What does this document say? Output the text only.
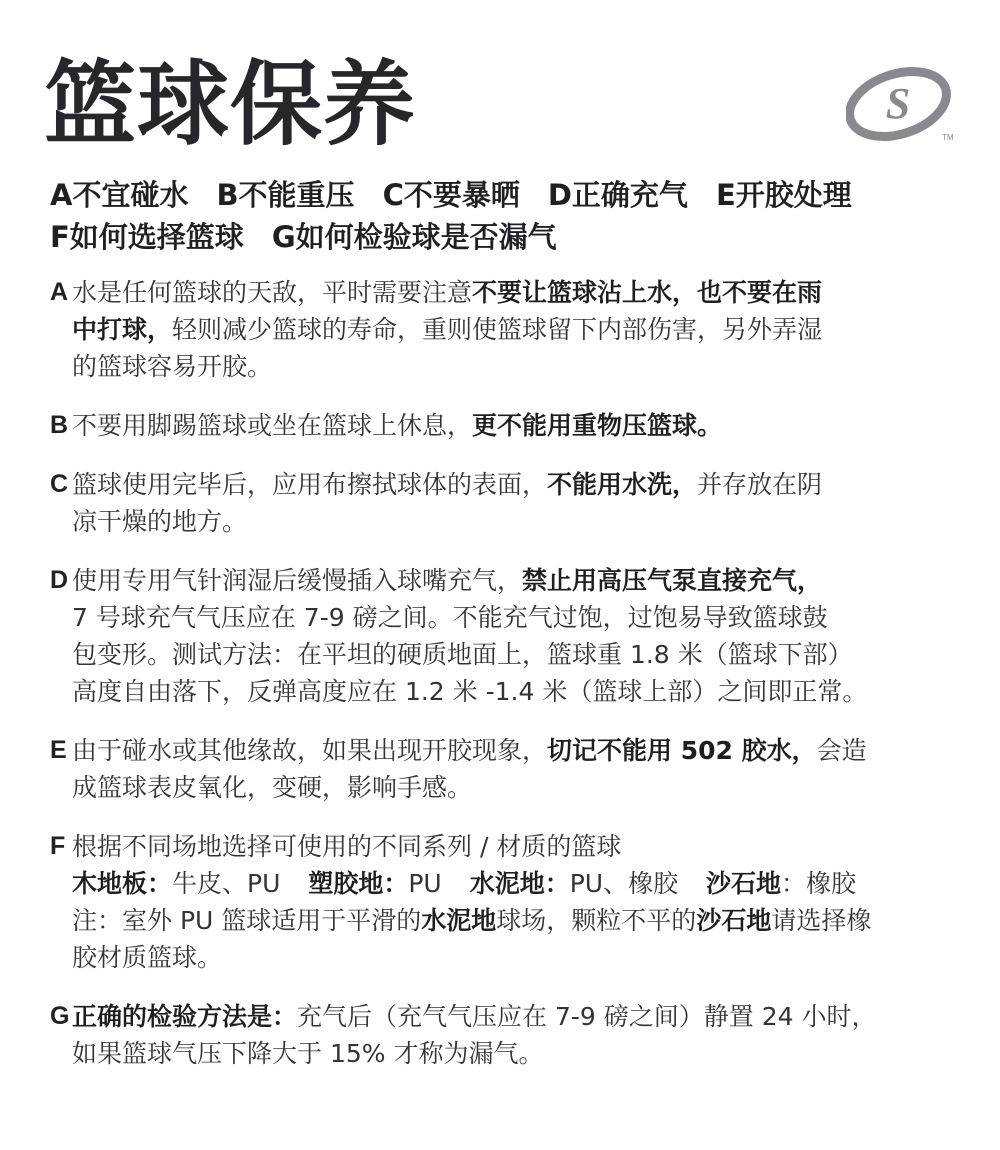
篮球保养	S
TM
A不宜碰水 B不能重压 C不要暴晒 D正确充气 E开胶处理
F如何选择篮球 G如何检验球是否漏气
A 水是任何篮球的天敌，平时需要注意不要让篮球沾上水，也不要在雨
中打球，轻则减少篮球的寿命，重则使篮球留下内部伤害，另外弄湿
的篮球容易开胶。
B 不要用脚踢篮球或坐在篮球上休息，更不能用重物压篮球。
C 篮球使用完毕后，应用布擦拭球体的表面，不能用水洗，并存放在阴
凉干燥的地方。
D 使用专用气针润湿后缓慢插入球嘴充气，禁止用高压气泵直接充气，
7 号球充气气压应在 7-9 磅之间。不能充气过饱，过饱易导致篮球鼓
包变形。测试方法：在平坦的硬质地面上，篮球重 1.8 米（篮球下部）
高度自由落下，反弹高度应在 1.2 米 -1.4 米（篮球上部）之间即正常。
E 由于碰水或其他缘故，如果出现开胶现象，切记不能用 502 胶水，会造
成篮球表皮氧化，变硬，影响手感。
F 根据不同场地选择可使用的不同系列 / 材质的篮球
木地板：牛皮、PU 塑胶地：PU 水泥地：PU、橡胶 沙石地：橡胶
注：室外 PU 篮球适用于平滑的水泥地球场，颗粒不平的沙石地请选择橡
胶材质篮球。
G 正确的检验方法是：充气后（充气气压应在 7-9 磅之间）静置 24 小时，
如果篮球气压下降大于 15% 才称为漏气。
